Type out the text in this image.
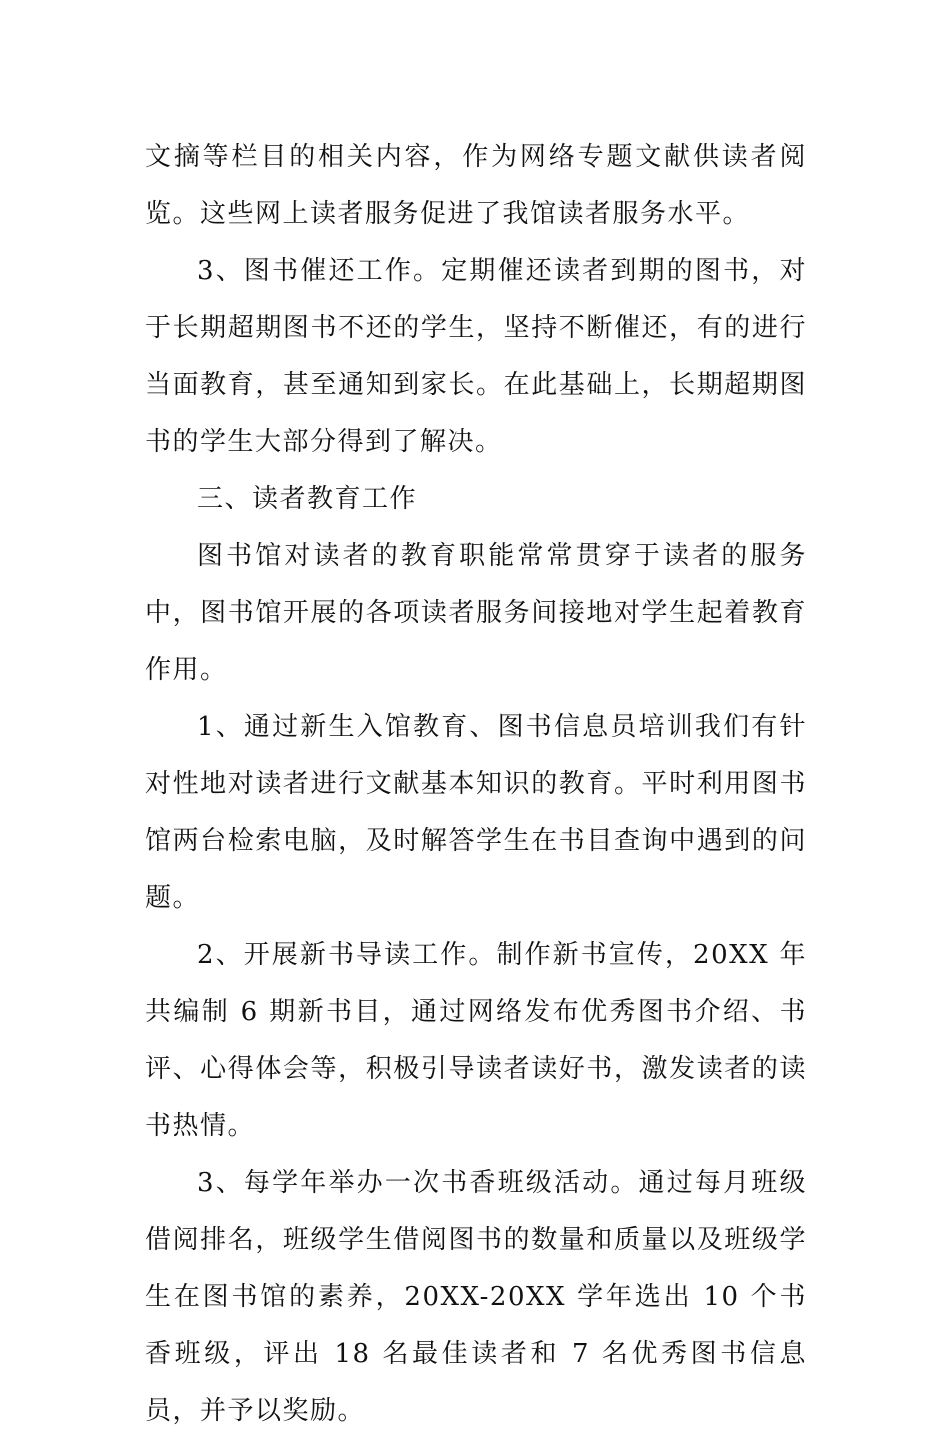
文摘等栏目的相关内容，作为网络专题文献供读者阅览。这些网上读者服务促进了我馆读者服务水平。

3、图书催还工作。定期催还读者到期的图书，对于长期超期图书不还的学生，坚持不断催还，有的进行当面教育，甚至通知到家长。在此基础上，长期超期图书的学生大部分得到了解决。

三、读者教育工作

图书馆对读者的教育职能常常贯穿于读者的服务中，图书馆开展的各项读者服务间接地对学生起着教育作用。

1、通过新生入馆教育、图书信息员培训我们有针对性地对读者进行文献基本知识的教育。平时利用图书馆两台检索电脑，及时解答学生在书目查询中遇到的问题。

2、开展新书导读工作。制作新书宣传，20XX 年共编制 6 期新书目，通过网络发布优秀图书介绍、书评、心得体会等，积极引导读者读好书，激发读者的读书热情。

3、每学年举办一次书香班级活动。通过每月班级借阅排名，班级学生借阅图书的数量和质量以及班级学生在图书馆的素养，20XX-20XX 学年选出 10 个书香班级，评出 18 名最佳读者和 7 名优秀图书信息员，并予以奖励。
